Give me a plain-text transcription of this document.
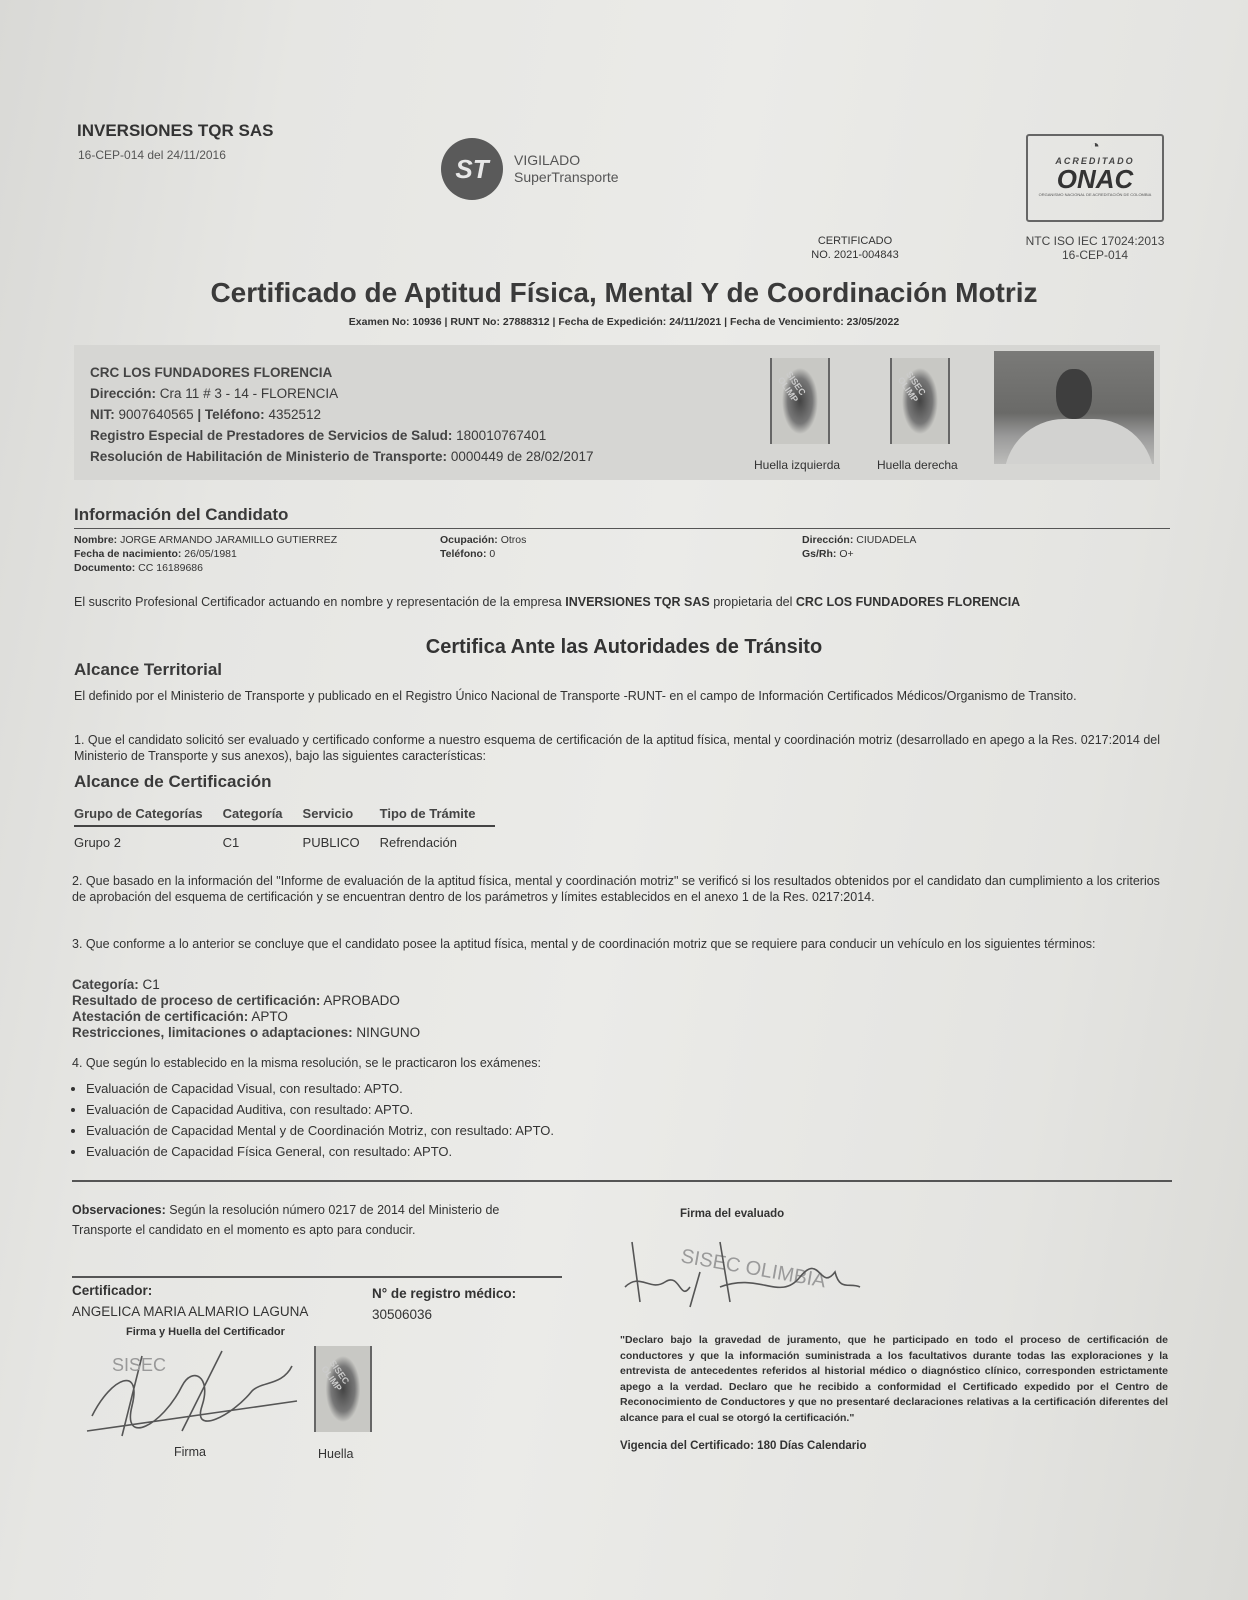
INVERSIONES TQR SAS
16-CEP-014 del 24/11/2016	ST VIGILADO
SuperTransporte
◔
ACREDITADO
ONAC
ORGANISMO NACIONAL DE ACREDITACIÓN DE COLOMBIA
CERTIFICADO
NO. 2021-004843
NTC ISO IEC 17024:2013
16-CEP-014
Certificado de Aptitud Física, Mental Y de Coordinación Motriz
Examen No: 10936 | RUNT No: 27888312 | Fecha de Expedición: 24/11/2021 | Fecha de Vencimiento: 23/05/2022
CRC LOS FUNDADORES FLORENCIA
Dirección: Cra 11 # 3 - 14 - FLORENCIA
NIT: 9007640565 | Teléfono: 4352512
Registro Especial de Prestadores de Servicios de Salud: 180010767401
Resolución de Habilitación de Ministerio de Transporte: 0000449 de 28/02/2017
SISEC OLIMP
Huella izquierda
SISEC OLIMP
Huella derecha
Información del Candidato
Nombre: JORGE ARMANDO JARAMILLO GUTIERREZ
Fecha de nacimiento: 26/05/1981
Documento: CC 16189686
Ocupación: Otros
Teléfono: 0
Dirección: CIUDADELA
Gs/Rh: O+
El suscrito Profesional Certificador actuando en nombre y representación de la empresa INVERSIONES TQR SAS propietaria del CRC LOS FUNDADORES FLORENCIA
Certifica Ante las Autoridades de Tránsito
Alcance Territorial
El definido por el Ministerio de Transporte y publicado en el Registro Único Nacional de Transporte -RUNT- en el campo de Información Certificados Médicos/Organismo de Transito.
1. Que el candidato solicitó ser evaluado y certificado conforme a nuestro esquema de certificación de la aptitud física, mental y coordinación motriz (desarrollado en apego a la Res. 0217:2014 del Ministerio de Transporte y sus anexos), bajo las siguientes características:
Alcance de Certificación
Grupo de Categorías	Categoría	Servicio	Tipo de Trámite
Grupo 2	C1	PUBLICO	Refrendación
2. Que basado en la información del "Informe de evaluación de la aptitud física, mental y coordinación motriz" se verificó si los resultados obtenidos por el candidato dan cumplimiento a los criterios de aprobación del esquema de certificación y se encuentran dentro de los parámetros y límites establecidos en el anexo 1 de la Res. 0217:2014.
3. Que conforme a lo anterior se concluye que el candidato posee la aptitud física, mental y de coordinación motriz que se requiere para conducir un vehículo en los siguientes términos:
Categoría: C1
Resultado de proceso de certificación: APROBADO
Atestación de certificación: APTO
Restricciones, limitaciones o adaptaciones: NINGUNO
4. Que según lo establecido en la misma resolución, se le practicaron los exámenes:
• Evaluación de Capacidad Visual, con resultado: APTO.
• Evaluación de Capacidad Auditiva, con resultado: APTO.
• Evaluación de Capacidad Mental y de Coordinación Motriz, con resultado: APTO.
• Evaluación de Capacidad Física General, con resultado: APTO.
Observaciones: Según la resolución número 0217 de 2014 del Ministerio de Transporte el candidato en el momento es apto para conducir.
Certificador:
ANGELICA MARIA ALMARIO LAGUNA
N° de registro médico:
30506036
Firma y Huella del Certificador
SISEC	SISEC OLIMP
Firma	Huella
Firma del evaluado
SISEC OLIMBIA
"Declaro bajo la gravedad de juramento, que he participado en todo el proceso de certificación de conductores y que la información suministrada a los facultativos durante todas las exploraciones y la entrevista de antecedentes referidos al historial médico o diagnóstico clínico, corresponden estrictamente apego a la verdad. Declaro que he recibido a conformidad el Certificado expedido por el Centro de Reconocimiento de Conductores y que no presentaré declaraciones relativas a la certificación diferentes del alcance para el cual se otorgó la certificación."
Vigencia del Certificado: 180 Días Calendario
